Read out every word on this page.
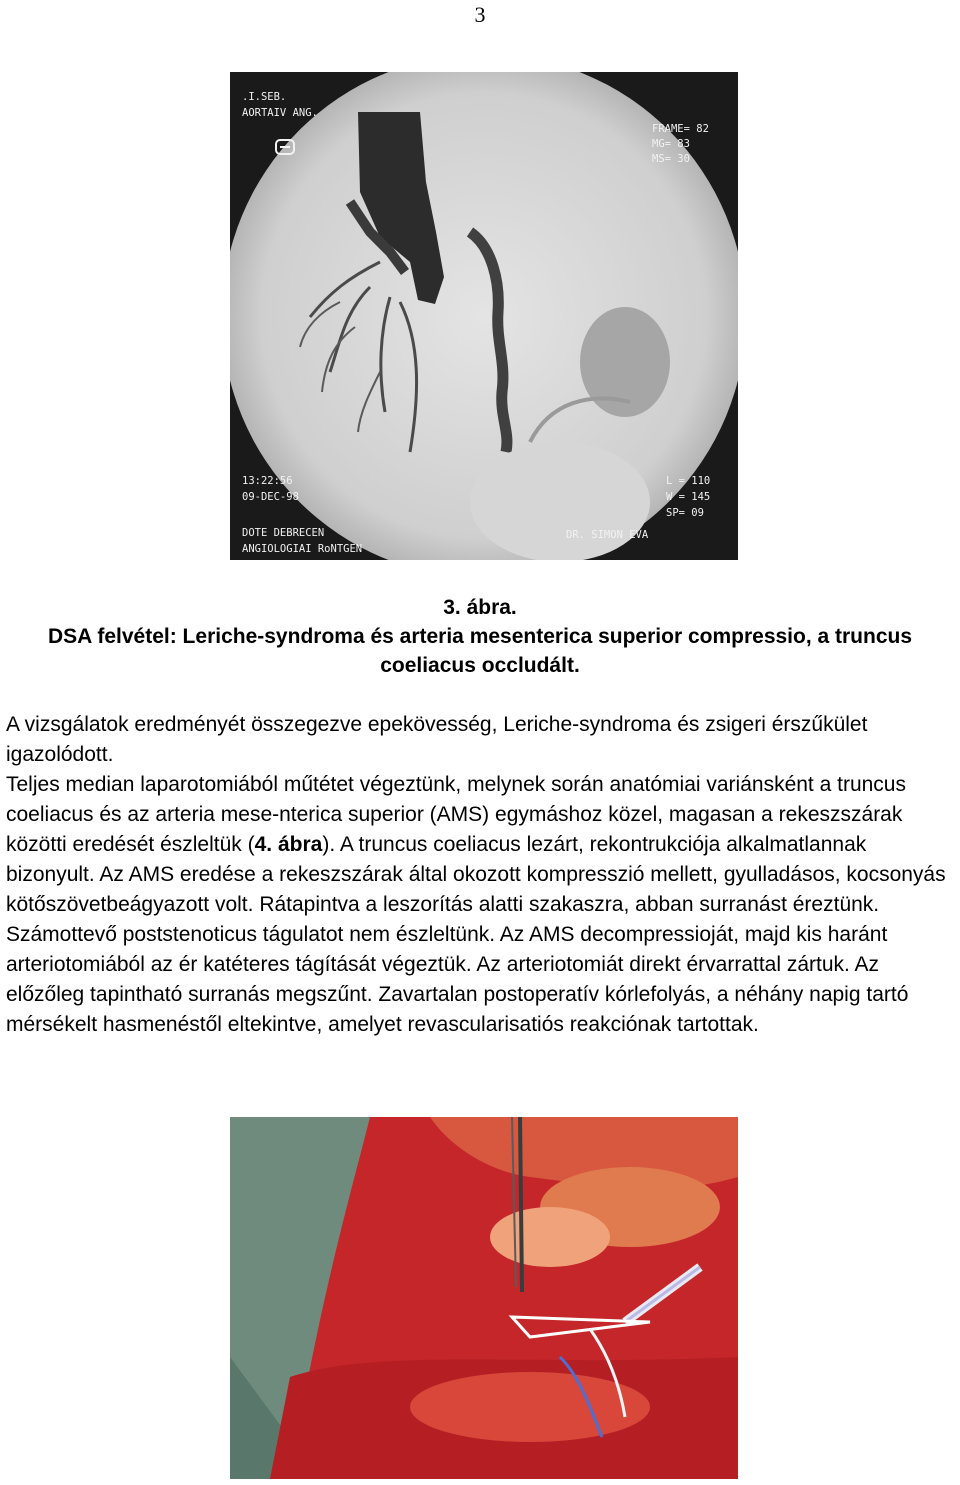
3
.I.SEB.
AORTAIV ANG.
FRAME= 82
MG= 83
MS= 30
13:22:56
09-DEC-98
L = 110
W = 145
SP= 09
DOTE DEBRECEN
ANGIOLOGIAI RoNTGEN
DR. SIMON EVA
3. ábra.
DSA felvétel: Leriche-syndroma és arteria mesenterica superior compressio, a truncus coeliacus occludált.

A vizsgálatok eredményét összegezve epekövesség, Leriche-syndroma és zsigeri érszűkület igazolódott.

Teljes median laparotomiából műtétet végeztünk, melynek során anatómiai variánsként a truncus coeliacus és az arteria mese-nterica superior (AMS) egymáshoz közel, magasan a rekeszszárak közötti eredését észleltük (4. ábra). A truncus coeliacus lezárt, rekontrukciója alkalmatlannak bizonyult. Az AMS eredése a rekeszszárak által okozott kompresszió mellett, gyulladásos, kocsonyás kötőszövetbeágyazott volt. Rátapintva a leszorítás alatti szakaszra, abban surranást éreztünk. Számottevő poststenoticus tágulatot nem észleltünk. Az AMS decompressioját, majd kis haránt arteriotomiából az ér katéteres tágítását végeztük. Az arteriotomiát direkt érvarrattal zártuk. Az előzőleg tapintható surranás megszűnt. Zavartalan postoperatív kórlefolyás, a néhány napig tartó mérsékelt hasmenéstől eltekintve, amelyet revascularisatiós reakciónak tartottak.
